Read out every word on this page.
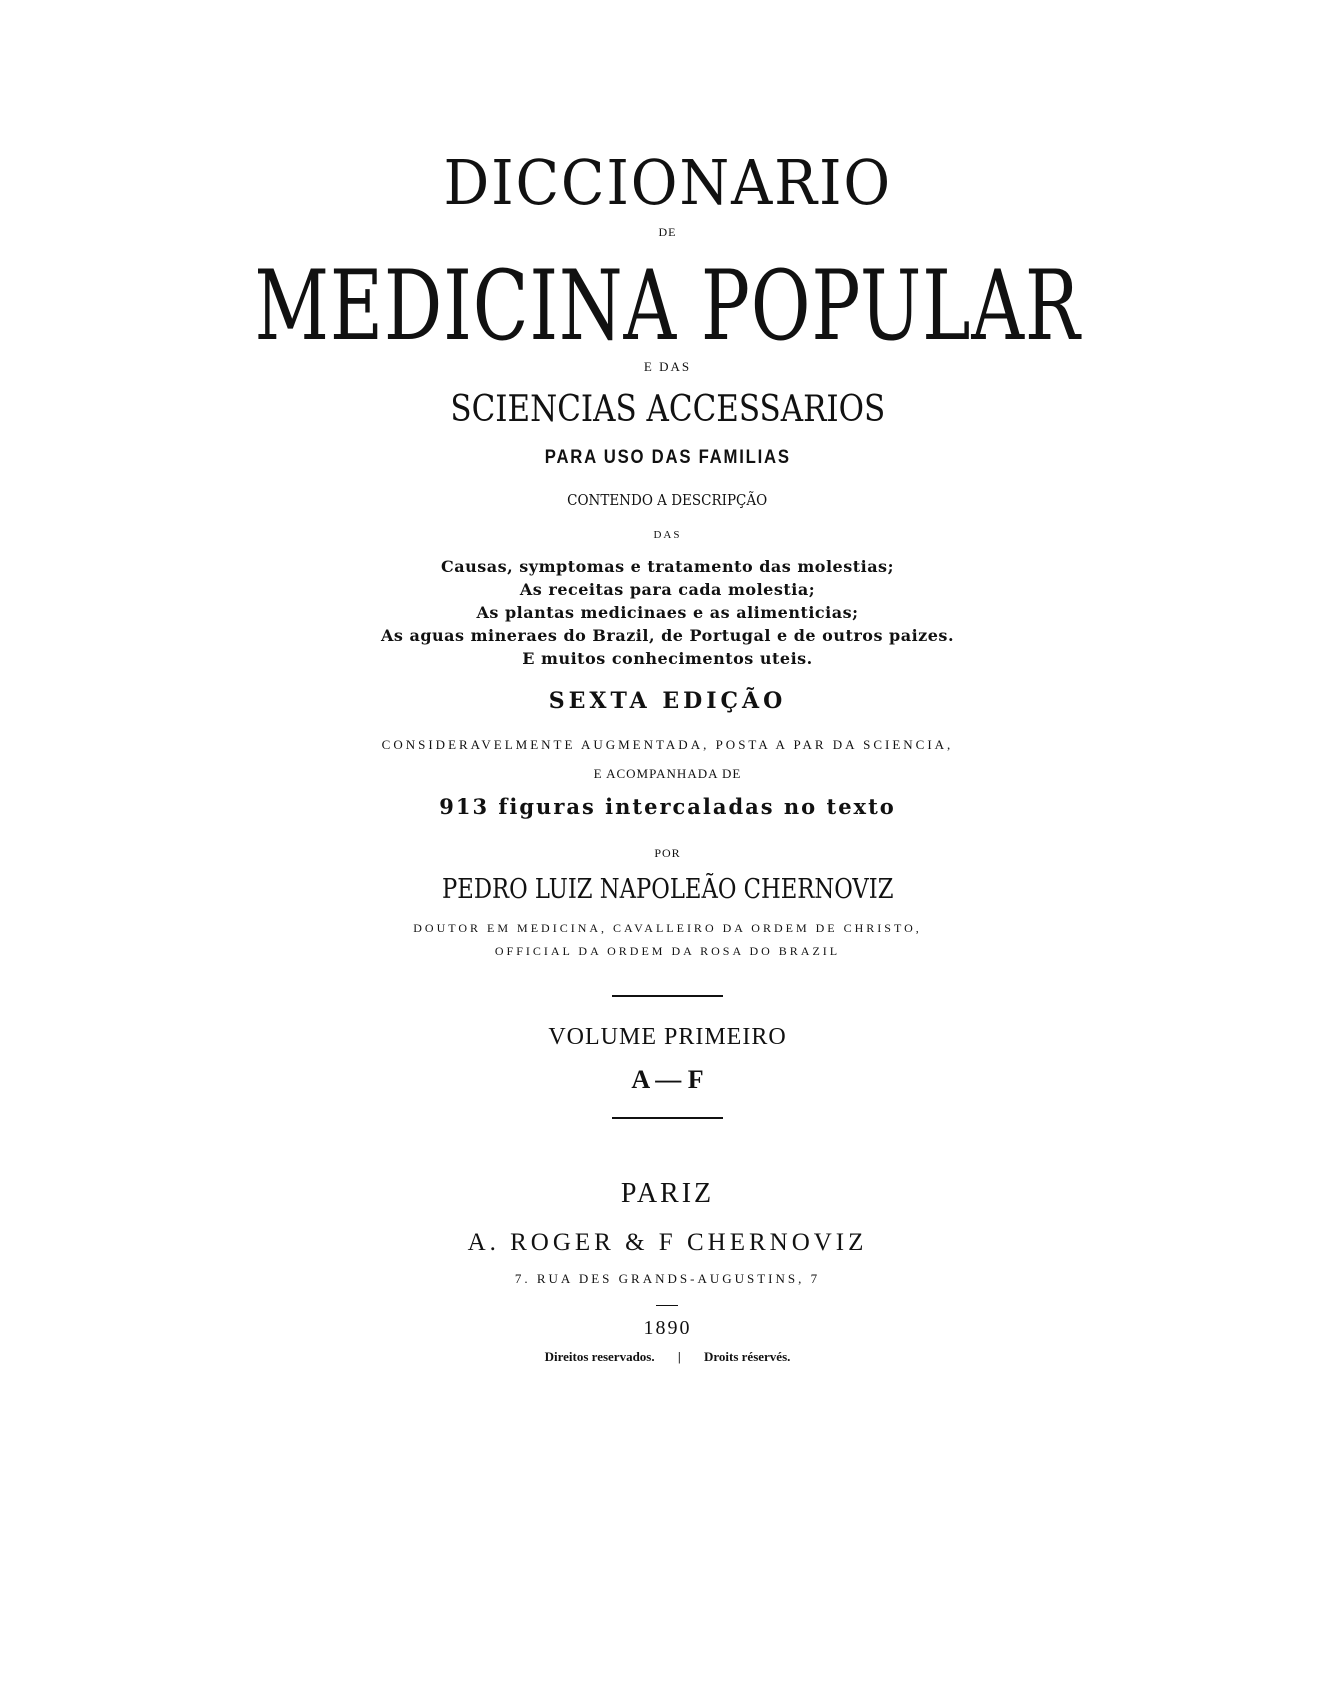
DICCIONARIO
DE
MEDICINA POPULAR
E DAS
SCIENCIAS ACCESSARIOS
PARA USO DAS FAMILIAS
CONTENDO A DESCRIPÇÃO
DAS
Causas, symptomas e tratamento das molestias;
As receitas para cada molestia;
As plantas medicinaes e as alimenticias;
As aguas mineraes do Brazil, de Portugal e de outros paizes.
E muitos conhecimentos uteis.
SEXTA EDIÇÃO
CONSIDERAVELMENTE AUGMENTADA, POSTA A PAR DA SCIENCIA,
E ACOMPANHADA DE
913 figuras intercaladas no texto
POR
PEDRO LUIZ NAPOLEÃO CHERNOVIZ
DOUTOR EM MEDICINA, CAVALLEIRO DA ORDEM DE CHRISTO,
OFFICIAL DA ORDEM DA ROSA DO BRAZIL
VOLUME PRIMEIRO
A — F
PARIZ
A. ROGER & F CHERNOVIZ
7. RUA DES GRANDS-AUGUSTINS, 7
1890
Direitos reservados. | Droits réservés.
